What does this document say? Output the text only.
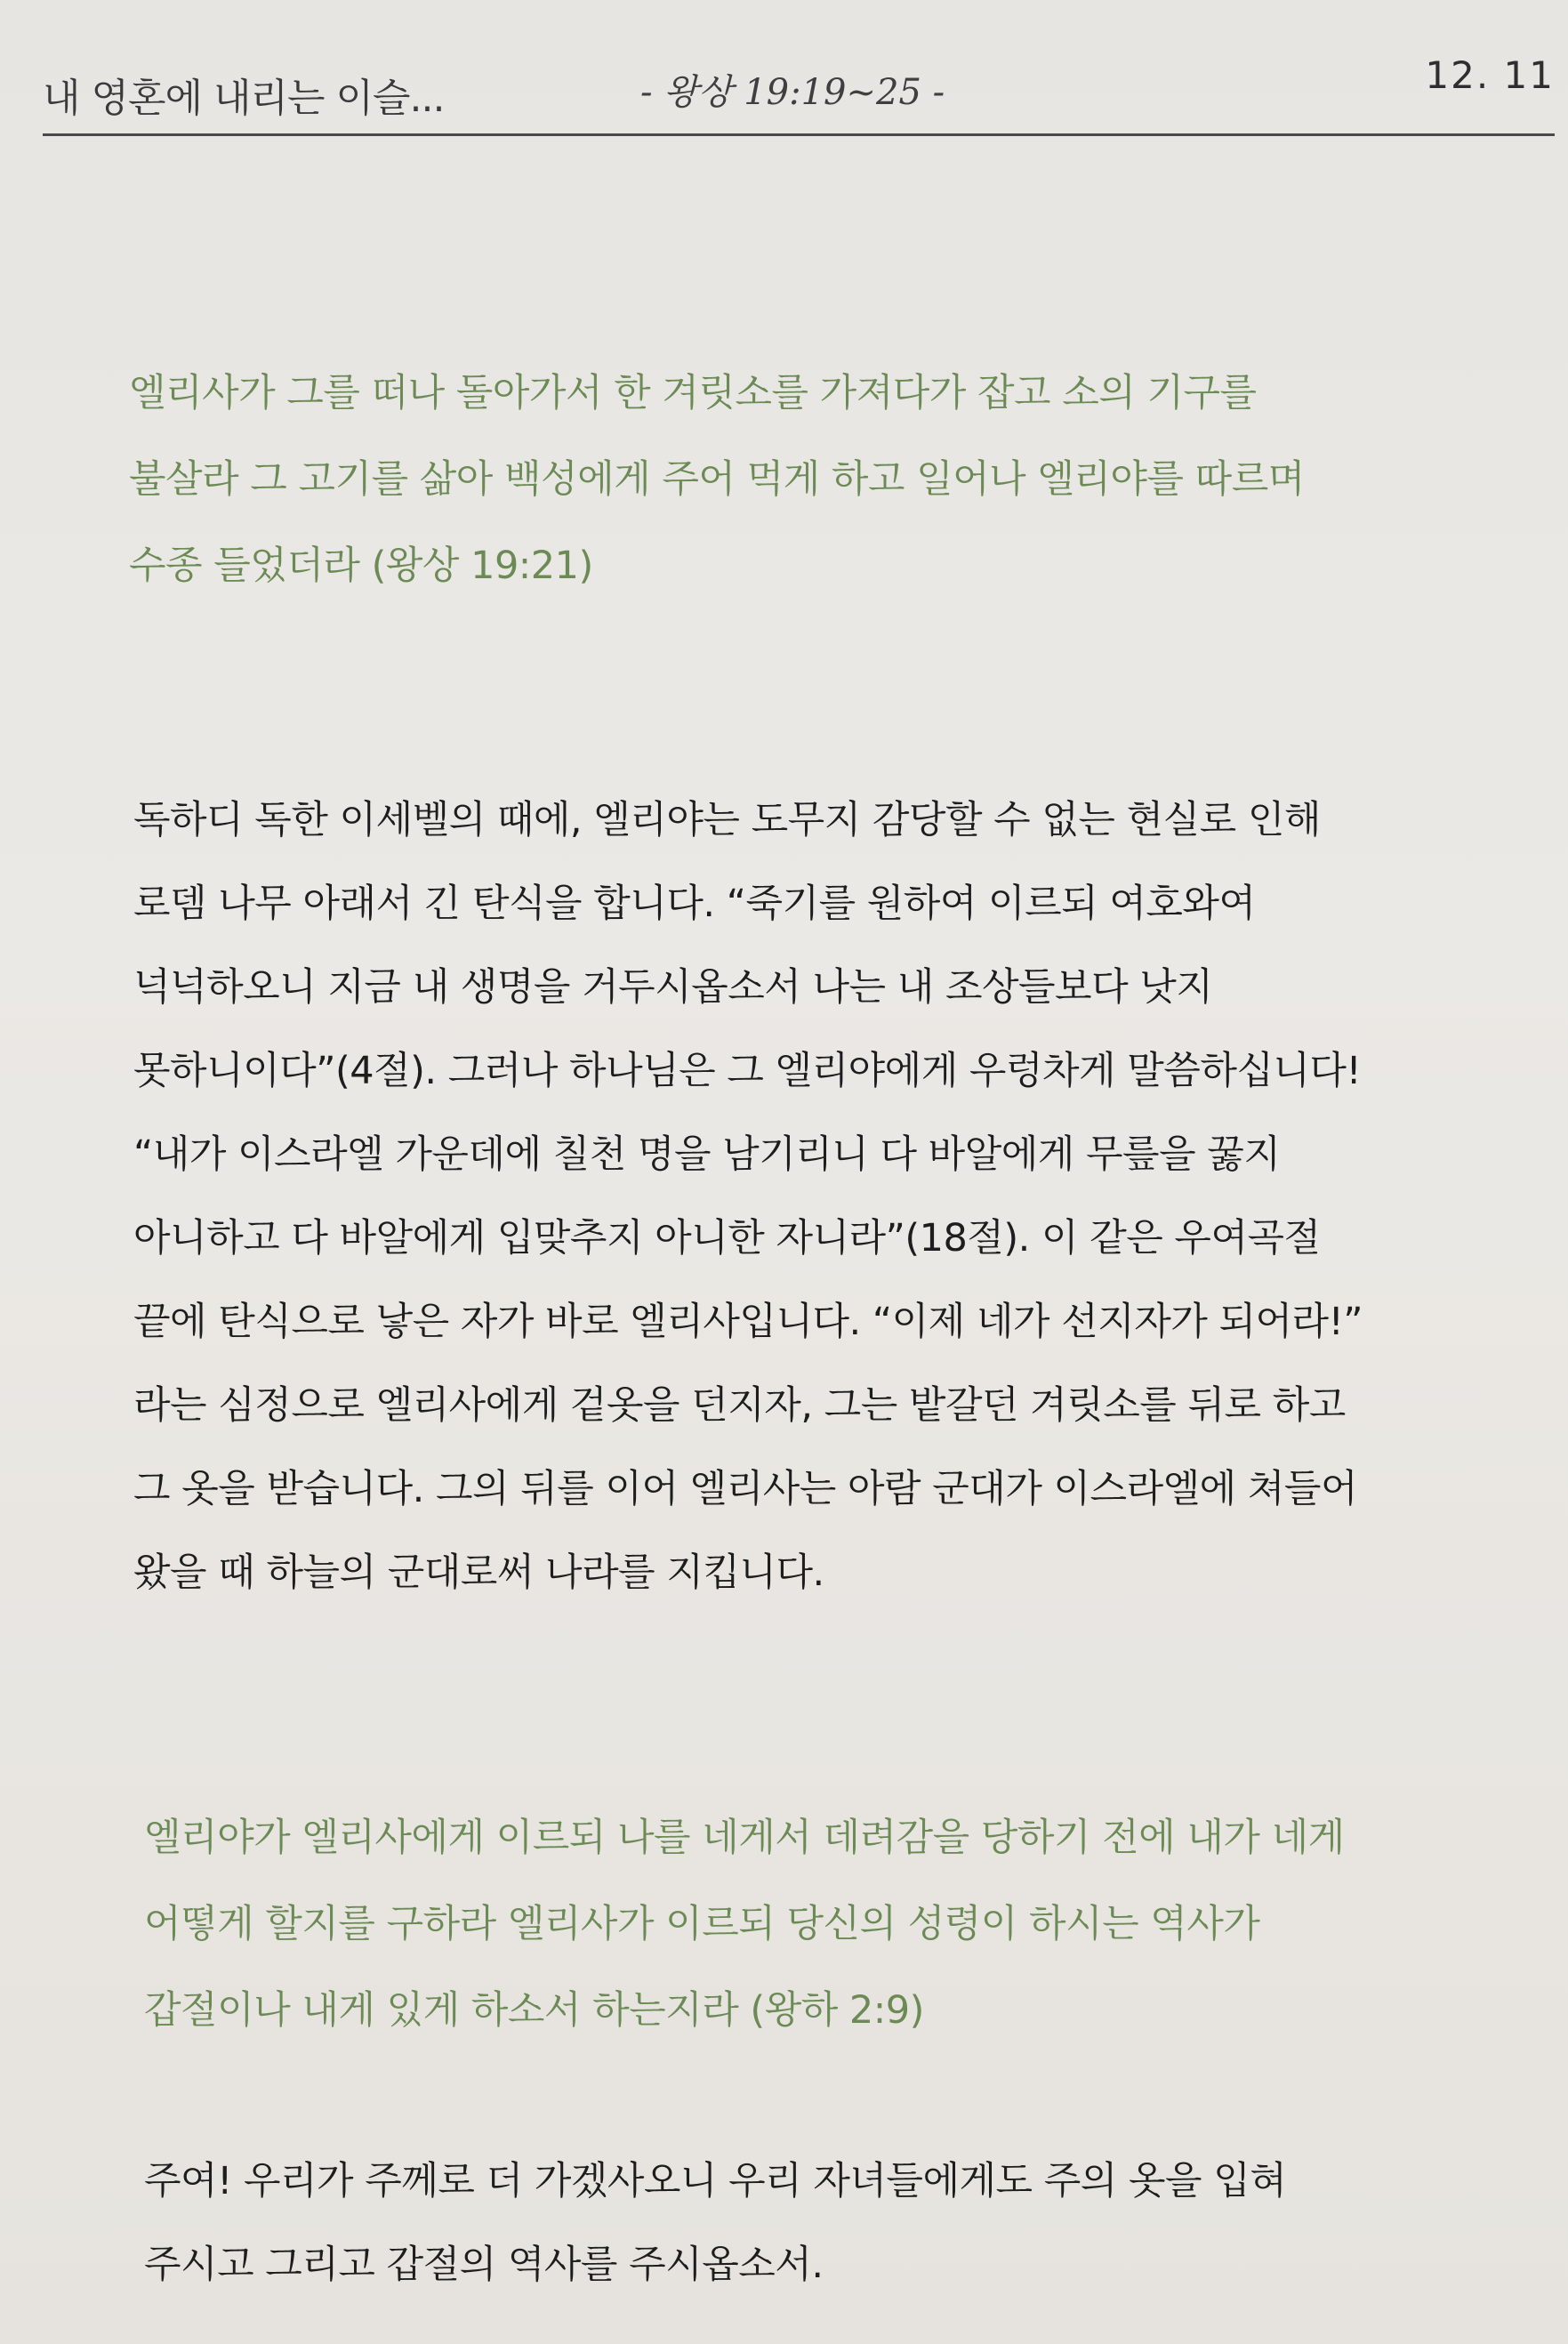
내 영혼에 내리는 이슬...	- 왕상 19:19~25 -	12. 11

엘리사가 그를 떠나 돌아가서 한 겨릿소를 가져다가 잡고 소의 기구를
불살라 그 고기를 삶아 백성에게 주어 먹게 하고 일어나 엘리야를 따르며
수종 들었더라 (왕상 19:21)

독하디 독한 이세벨의 때에, 엘리야는 도무지 감당할 수 없는 현실로 인해
로뎀 나무 아래서 긴 탄식을 합니다. “죽기를 원하여 이르되 여호와여
넉넉하오니 지금 내 생명을 거두시옵소서 나는 내 조상들보다 낫지
못하니이다”(4절). 그러나 하나님은 그 엘리야에게 우렁차게 말씀하십니다!
“내가 이스라엘 가운데에 칠천 명을 남기리니 다 바알에게 무릎을 꿇지
아니하고 다 바알에게 입맞추지 아니한 자니라”(18절). 이 같은 우여곡절
끝에 탄식으로 낳은 자가 바로 엘리사입니다. “이제 네가 선지자가 되어라!”
라는 심정으로 엘리사에게 겉옷을 던지자, 그는 밭갈던 겨릿소를 뒤로 하고
그 옷을 받습니다. 그의 뒤를 이어 엘리사는 아람 군대가 이스라엘에 쳐들어
왔을 때 하늘의 군대로써 나라를 지킵니다.

엘리야가 엘리사에게 이르되 나를 네게서 데려감을 당하기 전에 내가 네게
어떻게 할지를 구하라 엘리사가 이르되 당신의 성령이 하시는 역사가
갑절이나 내게 있게 하소서 하는지라 (왕하 2:9)

주여! 우리가 주께로 더 가겠사오니 우리 자녀들에게도 주의 옷을 입혀
주시고 그리고 갑절의 역사를 주시옵소서.
